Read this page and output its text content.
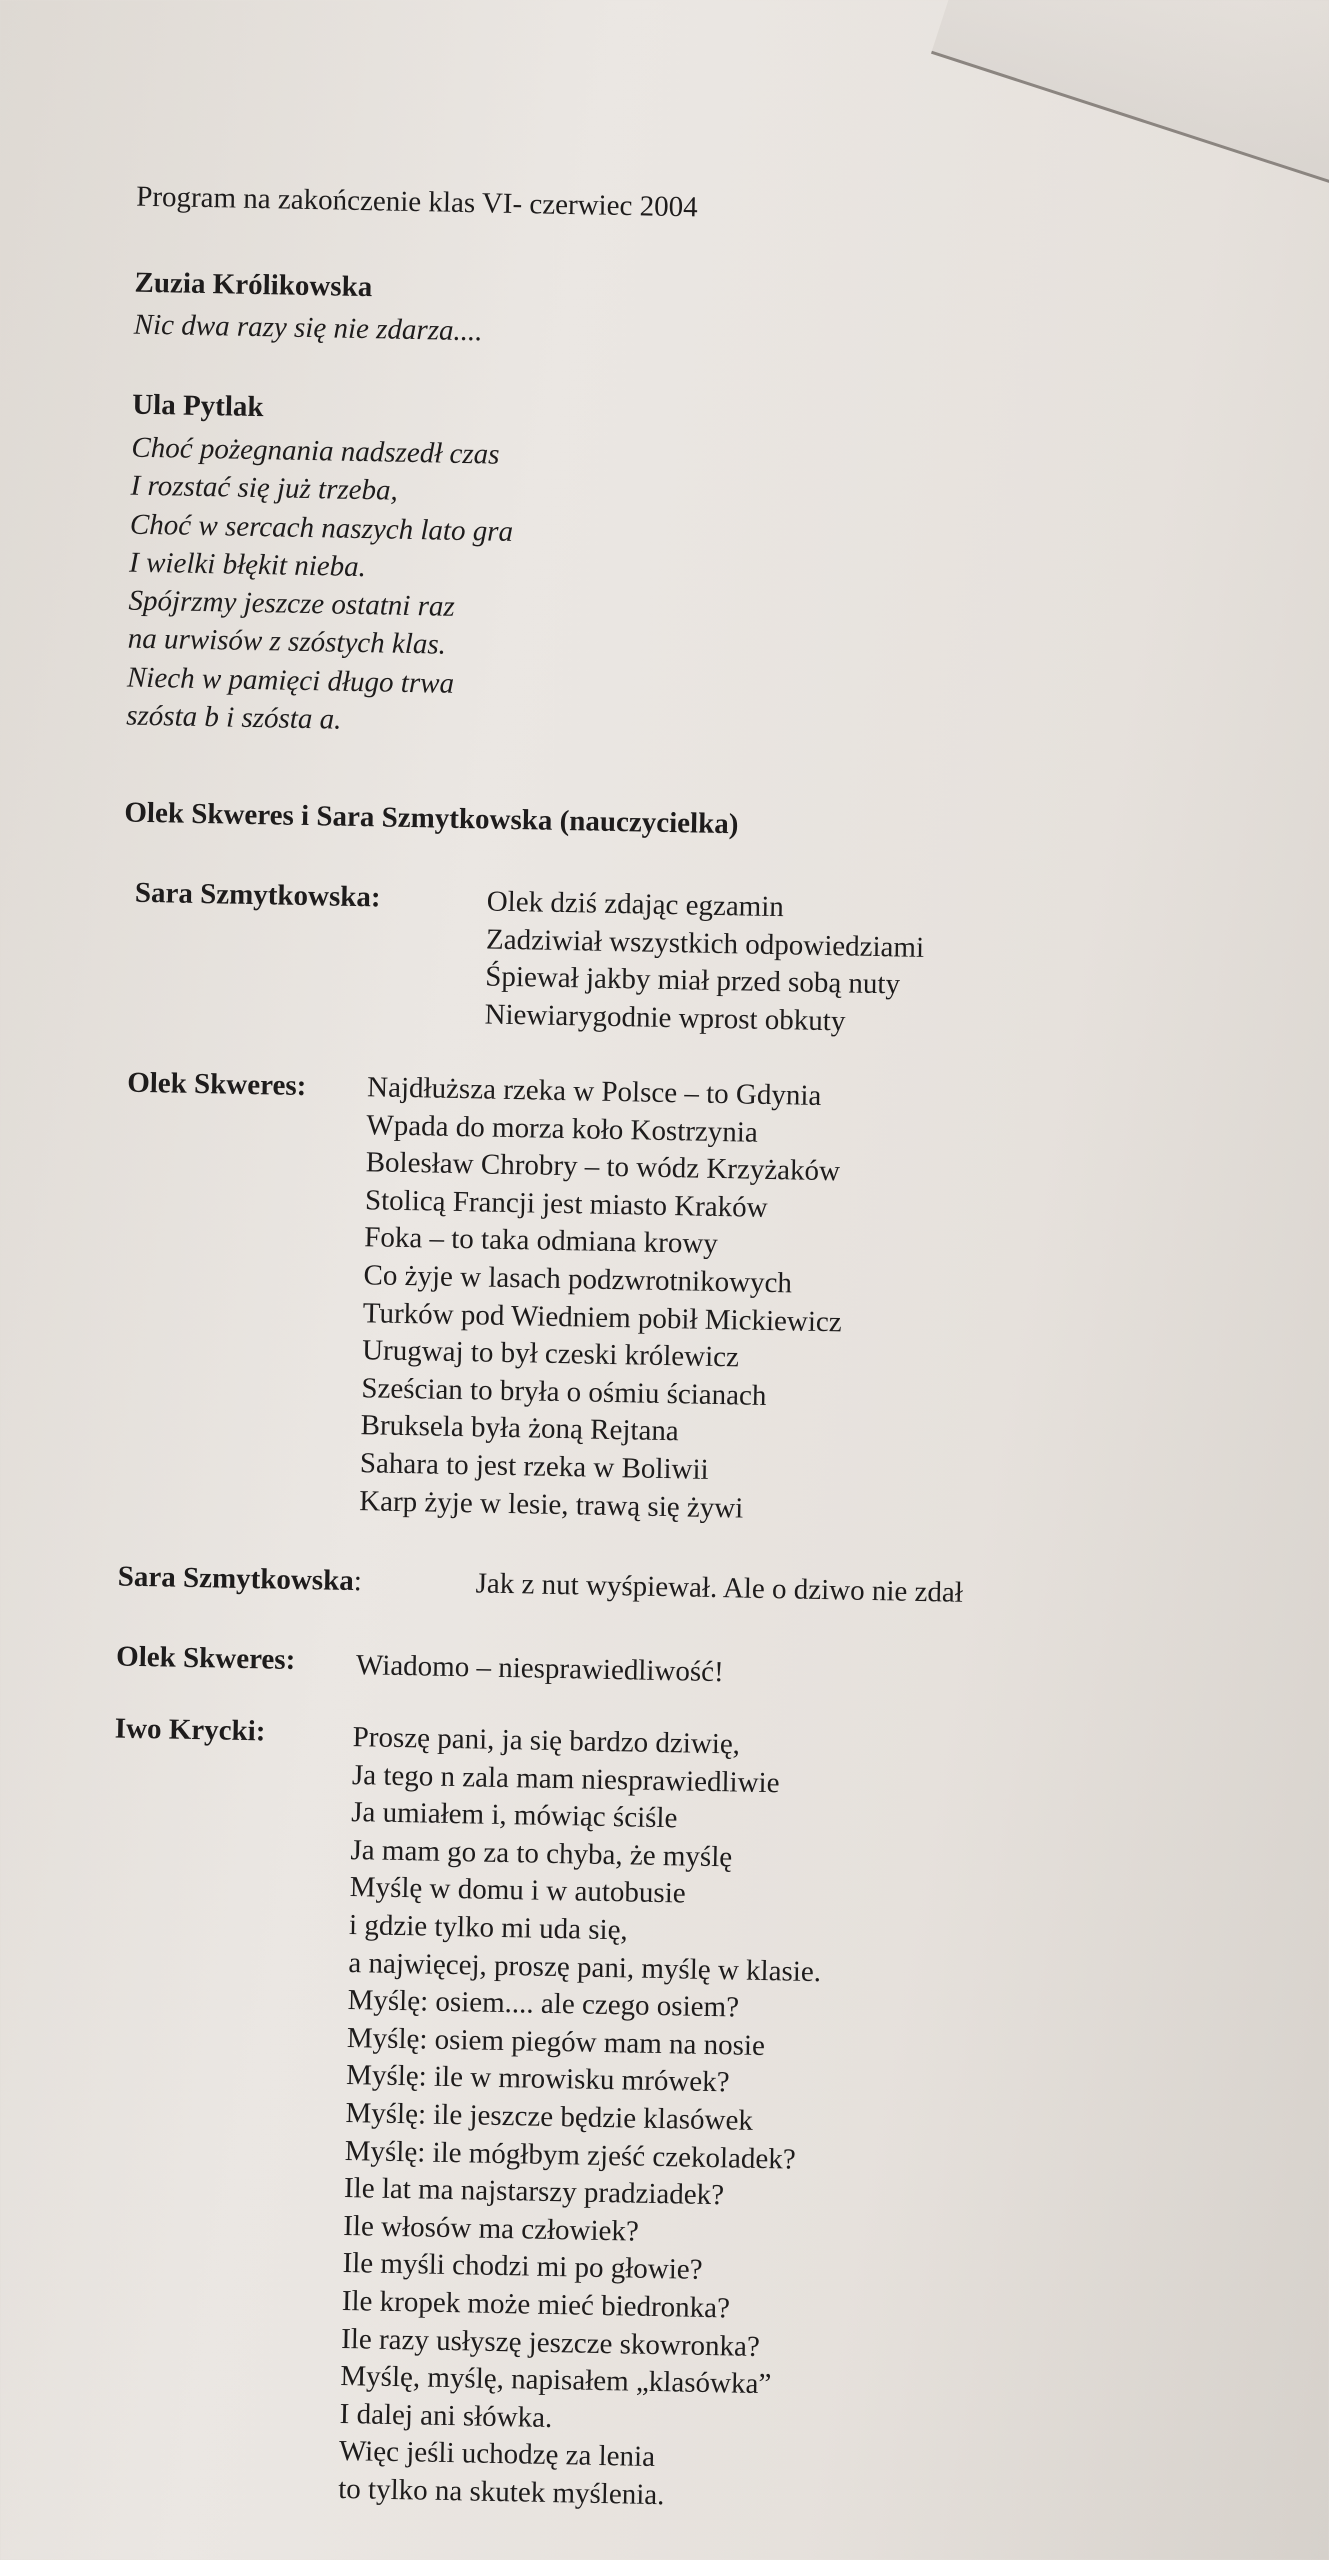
Program na zakończenie klas VI- czerwiec 2004
Zuzia Królikowska
Nic dwa razy się nie zdarza....
Ula Pytlak
Choć pożegnania nadszedł czas
I rozstać się już trzeba,
Choć w sercach naszych lato gra
I wielki błękit nieba.
Spójrzmy jeszcze ostatni raz
na urwisów z szóstych klas.
Niech w pamięci długo trwa
szósta b i szósta a.
Olek Skweres i Sara Szmytkowska (nauczycielka)
Sara Szmytkowska:	Olek dziś zdając egzamin
Zadziwiał wszystkich odpowiedziami
Śpiewał jakby miał przed sobą nuty
Niewiarygodnie wprost obkuty
Olek Skweres: Najdłuższa rzeka w Polsce – to Gdynia
Wpada do morza koło Kostrzynia
Bolesław Chrobry – to wódz Krzyżaków
Stolicą Francji jest miasto Kraków
Foka – to taka odmiana krowy
Co żyje w lasach podzwrotnikowych
Turków pod Wiedniem pobił Mickiewicz
Urugwaj to był czeski królewicz
Sześcian to bryła o ośmiu ścianach
Bruksela była żoną Rejtana
Sahara to jest rzeka w Boliwii
Karp żyje w lesie, trawą się żywi
Sara Szmytkowska:	Jak z nut wyśpiewał. Ale o dziwo nie zdał
Olek Skweres: Wiadomo – niesprawiedliwość!
Iwo Krycki:	Proszę pani, ja się bardzo dziwię,
Ja tego n zala mam niesprawiedliwie
Ja umiałem i, mówiąc ściśle
Ja mam go za to chyba, że myślę
Myślę w domu i w autobusie
i gdzie tylko mi uda się,
a najwięcej, proszę pani, myślę w klasie.
Myślę: osiem.... ale czego osiem?
Myślę: osiem piegów mam na nosie
Myślę: ile w mrowisku mrówek?
Myślę: ile jeszcze będzie klasówek
Myślę: ile mógłbym zjeść czekoladek?
Ile lat ma najstarszy pradziadek?
Ile włosów ma człowiek?
Ile myśli chodzi mi po głowie?
Ile kropek może mieć biedronka?
Ile razy usłyszę jeszcze skowronka?
Myślę, myślę, napisałem „klasówka”
I dalej ani słówka.
Więc jeśli uchodzę za lenia
to tylko na skutek myślenia.
